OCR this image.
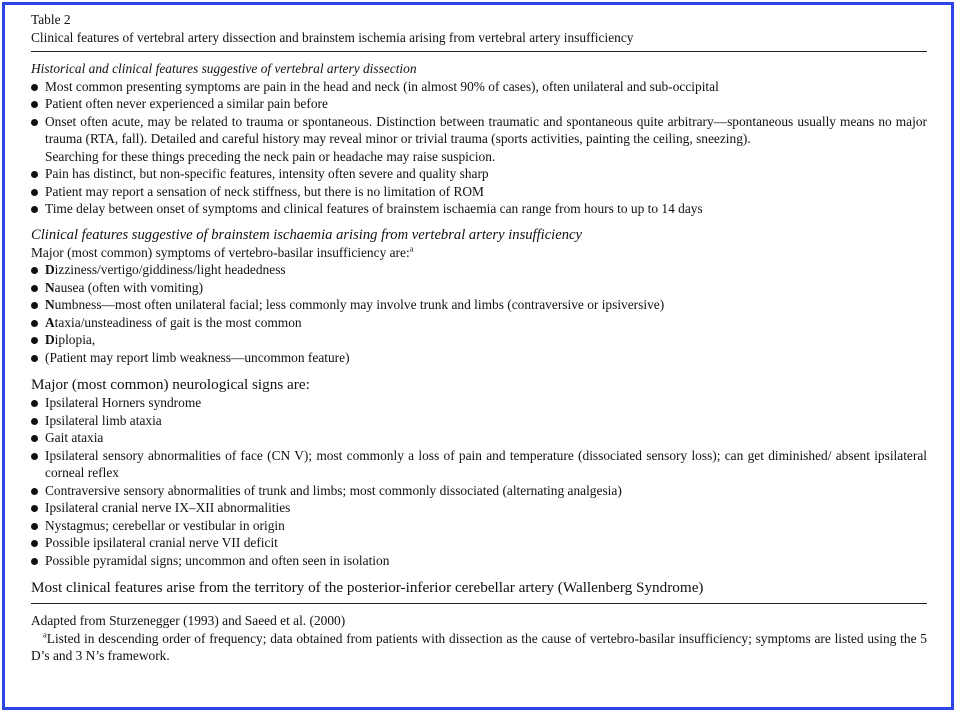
Table 2
Clinical features of vertebral artery dissection and brainstem ischemia arising from vertebral artery insufficiency
Historical and clinical features suggestive of vertebral artery dissection
Most common presenting symptoms are pain in the head and neck (in almost 90% of cases), often unilateral and sub-occipital
Patient often never experienced a similar pain before
Onset often acute, may be related to trauma or spontaneous. Distinction between traumatic and spontaneous quite arbitrary—spontaneous usually means no major trauma (RTA, fall). Detailed and careful history may reveal minor or trivial trauma (sports activities, painting the ceiling, sneezing).
Searching for these things preceding the neck pain or headache may raise suspicion.
Pain has distinct, but non-specific features, intensity often severe and quality sharp
Patient may report a sensation of neck stiffness, but there is no limitation of ROM
Time delay between onset of symptoms and clinical features of brainstem ischaemia can range from hours to up to 14 days
Clinical features suggestive of brainstem ischaemia arising from vertebral artery insufficiency
Major (most common) symptoms of vertebro-basilar insufficiency are:$^a$
Dizziness/vertigo/giddiness/light headedness
Nausea (often with vomiting)
Numbness—most often unilateral facial; less commonly may involve trunk and limbs (contraversive or ipsiversive)
Ataxia/unsteadiness of gait is the most common
Diplopia,
(Patient may report limb weakness—uncommon feature)
Major (most common) neurological signs are:
Ipsilateral Horners syndrome
Ipsilateral limb ataxia
Gait ataxia
Ipsilateral sensory abnormalities of face (CN V); most commonly a loss of pain and temperature (dissociated sensory loss); can get diminished/ absent ipsilateral corneal reflex
Contraversive sensory abnormalities of trunk and limbs; most commonly dissociated (alternating analgesia)
Ipsilateral cranial nerve IX–XII abnormalities
Nystagmus; cerebellar or vestibular in origin
Possible ipsilateral cranial nerve VII deficit
Possible pyramidal signs; uncommon and often seen in isolation
Most clinical features arise from the territory of the posterior-inferior cerebellar artery (Wallenberg Syndrome)
Adapted from Sturzenegger (1993) and Saeed et al. (2000)
$^a$Listed in descending order of frequency; data obtained from patients with dissection as the cause of vertebro-basilar insufficiency; symptoms are listed using the 5 D’s and 3 N’s framework.
